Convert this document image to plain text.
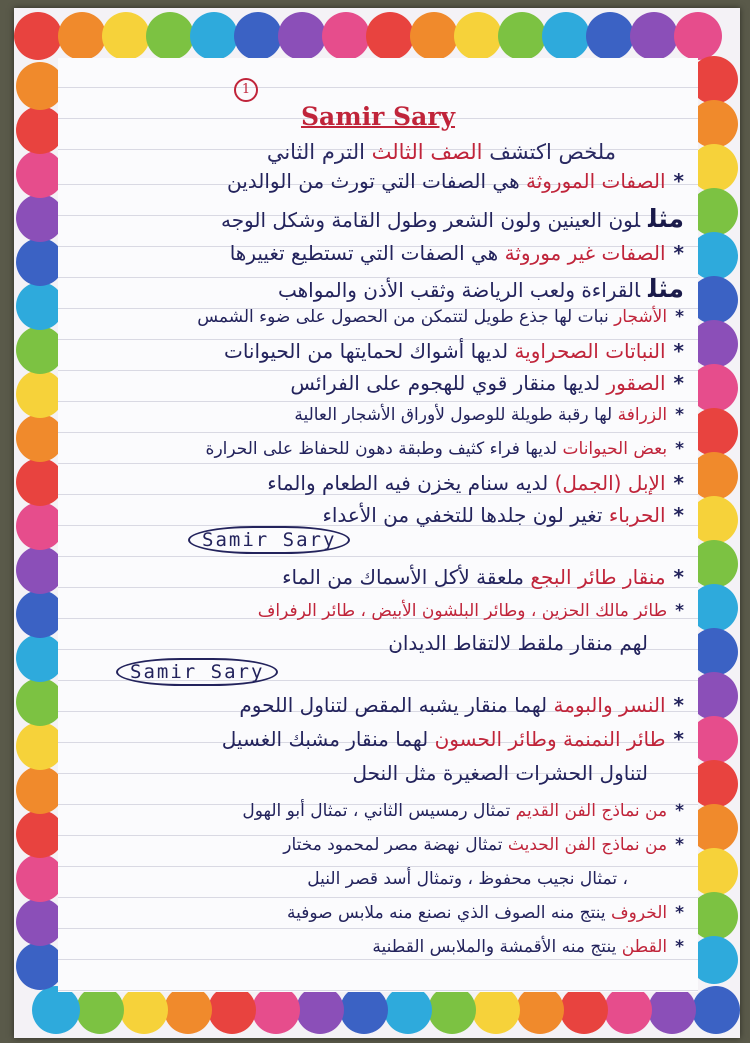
1
Samir Sary
ملخص اكتشف الصف الثالث الترم الثاني
*الصفات الموروثة هي الصفات التي تورث من الوالدين
مثللون العينين ولون الشعر وطول القامة وشكل الوجه
*الصفات غير موروثة هي الصفات التي تستطيع تغييرها
مثلالقراءة ولعب الرياضة وثقب الأذن والمواهب
*الأشجار نبات لها جذع طويل لتتمكن من الحصول على ضوء الشمس
*النباتات الصحراوية لديها أشواك لحمايتها من الحيوانات
*الصقور لديها منقار قوي للهجوم على الفرائس
*الزرافة لها رقبة طويلة للوصول لأوراق الأشجار العالية
*بعض الحيوانات لديها فراء كثيف وطبقة دهون للحفاظ على الحرارة
*الإبل (الجمل) لديه سنام يخزن فيه الطعام والماء
*الحرباء تغير لون جلدها للتخفي من الأعداء
Samir Sary
*منقار طائر البجع ملعقة لأكل الأسماك من الماء
*طائر مالك الحزين ، وطائر البلشون الأبيض ، طائر الرفراف
لهم منقار ملقط لالتقاط الديدان
Samir Sary
*النسر والبومة لهما منقار يشبه المقص لتناول اللحوم
*طائر النمنمة وطائر الحسون لهما منقار مشبك الغسيل
لتناول الحشرات الصغيرة مثل النحل
*من نماذج الفن القديم تمثال رمسيس الثاني ، تمثال أبو الهول
*من نماذج الفن الحديث تمثال نهضة مصر لمحمود مختار
، تمثال نجيب محفوظ ، وتمثال أسد قصر النيل
*الخروف ينتج منه الصوف الذي نصنع منه ملابس صوفية
*القطن ينتج منه الأقمشة والملابس القطنية
